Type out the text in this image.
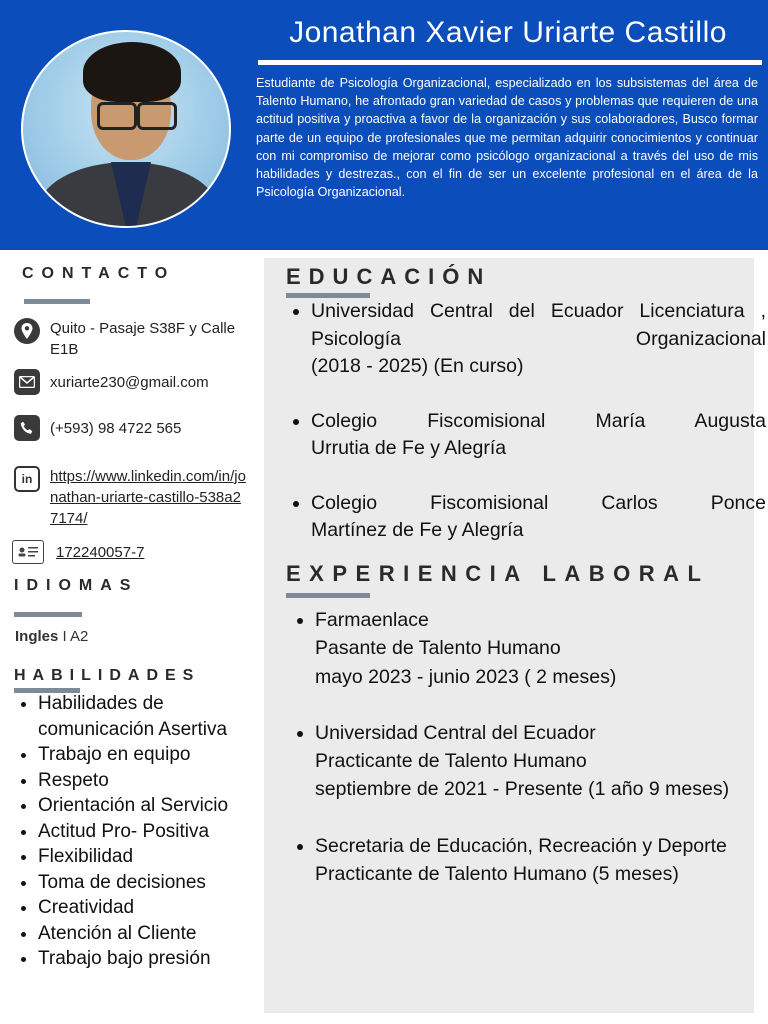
Jonathan Xavier Uriarte Castillo

Estudiante de Psicología Organizacional, especializado en los subsistemas del área de Talento Humano, he afrontado gran variedad de casos y problemas que requieren de una actitud positiva y proactiva a favor de la organización y sus colaboradores, Busco formar parte de un equipo de profesionales que me permitan adquirir conocimientos y continuar con mi compromiso de mejorar como psicólogo organizacional a través del uso de mis habilidades y destrezas., con el fin de ser un excelente profesional en el área de la Psicología Organizacional.

CONTACTO
Quito - Pasaje S38F y Calle E1B
xuriarte230@gmail.com
(+593) 98 4722 565
in	https://www.linkedin.com/in/jonathan-uriarte-castillo-538a27174/
172240057-7
IDIOMAS
Ingles I A2
HABILIDADES
• Habilidades de comunicación Asertiva
• Trabajo en equipo
• Respeto
• Orientación al Servicio
• Actitud Pro- Positiva
• Flexibilidad
• Toma de decisiones
• Creatividad
• Atención al Cliente
• Trabajo bajo presión
EDUCACIÓN
• Universidad Central del Ecuador Licenciatura , Psicología Organizacional
(2018 - 2025) (En curso)
• Colegio Fiscomisional María Augusta
Urrutia de Fe y Alegría
• Colegio Fiscomisional Carlos Ponce
Martínez de Fe y Alegría
EXPERIENCIA LABORAL
• Farmaenlace
Pasante de Talento Humano
mayo 2023 - junio 2023 ( 2 meses)
• Universidad Central del Ecuador
Practicante de Talento Humano
septiembre de 2021 - Presente (1 año 9 meses)
• Secretaria de Educación, Recreación y Deporte
Practicante de Talento Humano (5 meses)
